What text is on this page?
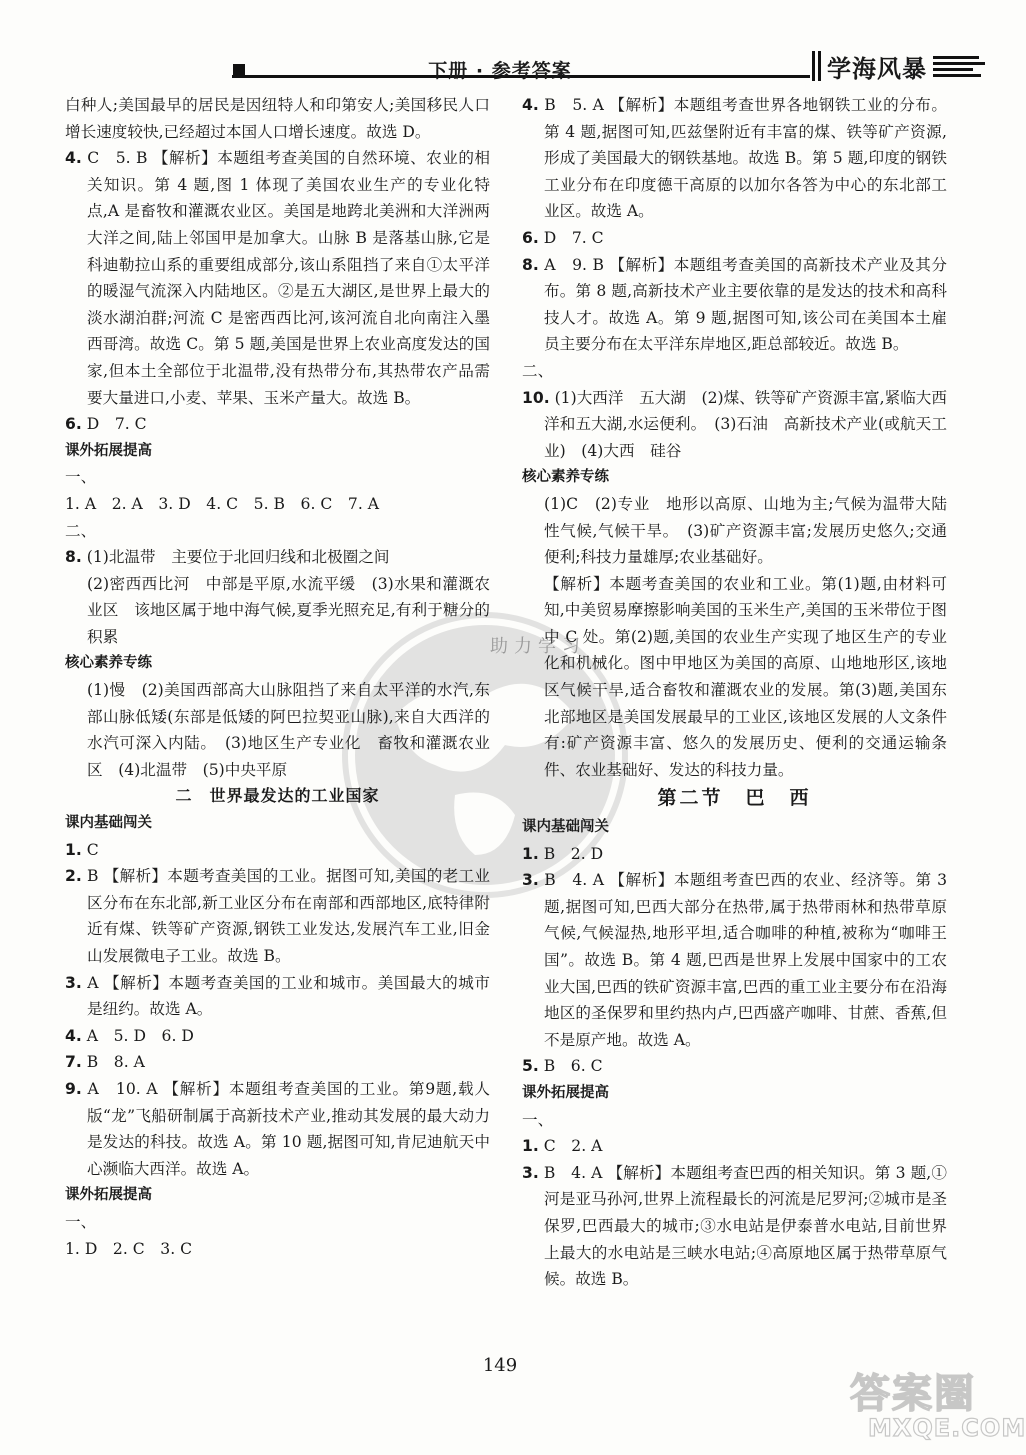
下册 · 参考答案	学海风暴
助力学习

白种人;美国最早的居民是因纽特人和印第安人;美国移民人口增长速度较快,已经超过本国人口增长速度。故选 D。

4. C　5. B 【解析】本题组考查美国的自然环境、农业的相关知识。第 4 题,图 1 体现了美国农业生产的专业化特点,A 是畜牧和灌溉农业区。美国是地跨北美洲和大洋洲两大洋之间,陆上邻国甲是加拿大。山脉 B 是落基山脉,它是科迪勒拉山系的重要组成部分,该山系阻挡了来自①太平洋的暖湿气流深入内陆地区。②是五大湖区,是世界上最大的淡水湖泊群;河流 C 是密西西比河,该河流自北向南注入墨西哥湾。故选 C。第 5 题,美国是世界上农业高度发达的国家,但本土全部位于北温带,没有热带分布,其热带农产品需要大量进口,小麦、苹果、玉米产量大。故选 B。

6. D　7. C

课外拓展提高

一、

1. A　2. A　3. D　4. C　5. B　6. C　7. A

二、

8. (1)北温带　主要位于北回归线和北极圈之间

(2)密西西比河　中部是平原,水流平缓　(3)水果和灌溉农业区　该地区属于地中海气候,夏季光照充足,有利于糖分的积累

核心素养专练

(1)慢　(2)美国西部高大山脉阻挡了来自太平洋的水汽,东部山脉低矮(东部是低矮的阿巴拉契亚山脉),来自大西洋的水汽可深入内陆。　(3)地区生产专业化　畜牧和灌溉农业区　(4)北温带　(5)中央平原

二　世界最发达的工业国家

课内基础闯关

1. C

2. B 【解析】本题考查美国的工业。据图可知,美国的老工业区分布在东北部,新工业区分布在南部和西部地区,底特律附近有煤、铁等矿产资源,钢铁工业发达,发展汽车工业,旧金山发展微电子工业。故选 B。

3. A 【解析】本题考查美国的工业和城市。美国最大的城市是纽约。故选 A。

4. A　5. D　6. D

7. B　8. A

9. A　10. A 【解析】本题组考查美国的工业。第9题,载人版“龙”飞船研制属于高新技术产业,推动其发展的最大动力是发达的科技。故选 A。第 10 题,据图可知,肯尼迪航天中心濒临大西洋。故选 A。

课外拓展提高

一、

1. D　2. C　3. C

4. B　5. A 【解析】本题组考查世界各地钢铁工业的分布。第 4 题,据图可知,匹兹堡附近有丰富的煤、铁等矿产资源,形成了美国最大的钢铁基地。故选 B。第 5 题,印度的钢铁工业分布在印度德干高原的以加尔各答为中心的东北部工业区。故选 A。

6. D　7. C

8. A　9. B 【解析】本题组考查美国的高新技术产业及其分布。第 8 题,高新技术产业主要依靠的是发达的技术和高科技人才。故选 A。第 9 题,据图可知,该公司在美国本土雇员主要分布在太平洋东岸地区,距总部较近。故选 B。

二、

10. (1)大西洋　五大湖　(2)煤、铁等矿产资源丰富,紧临大西洋和五大湖,水运便利。　(3)石油　高新技术产业(或航天工业)　(4)大西　硅谷

核心素养专练

(1)C　(2)专业　地形以高原、山地为主;气候为温带大陆性气候,气候干旱。　(3)矿产资源丰富;发展历史悠久;交通便利;科技力量雄厚;农业基础好。

【解析】本题考查美国的农业和工业。第(1)题,由材料可知,中美贸易摩擦影响美国的玉米生产,美国的玉米带位于图中 C 处。第(2)题,美国的农业生产实现了地区生产的专业化和机械化。图中甲地区为美国的高原、山地地形区,该地区气候干旱,适合畜牧和灌溉农业的发展。第(3)题,美国东北部地区是美国发展最早的工业区,该地区发展的人文条件有:矿产资源丰富、悠久的发展历史、便利的交通运输条件、农业基础好、发达的科技力量。

第二节　巴　西

课内基础闯关

1. B　2. D

3. B　4. A 【解析】本题组考查巴西的农业、经济等。第 3 题,据图可知,巴西大部分在热带,属于热带雨林和热带草原气候,气候湿热,地形平坦,适合咖啡的种植,被称为“咖啡王国”。故选 B。第 4 题,巴西是世界上发展中国家中的工农业大国,巴西的铁矿资源丰富,巴西的重工业主要分布在沿海地区的圣保罗和里约热内卢,巴西盛产咖啡、甘蔗、香蕉,但不是原产地。故选 A。

5. B　6. C

课外拓展提高

一、

1. C　2. A

3. B　4. A 【解析】本题组考查巴西的相关知识。第 3 题,①河是亚马孙河,世界上流程最长的河流是尼罗河;②城市是圣保罗,巴西最大的城市;③水电站是伊泰普水电站,目前世界上最大的水电站是三峡水电站;④高原地区属于热带草原气候。故选 B。

149
答案圈
MXQE.COM
